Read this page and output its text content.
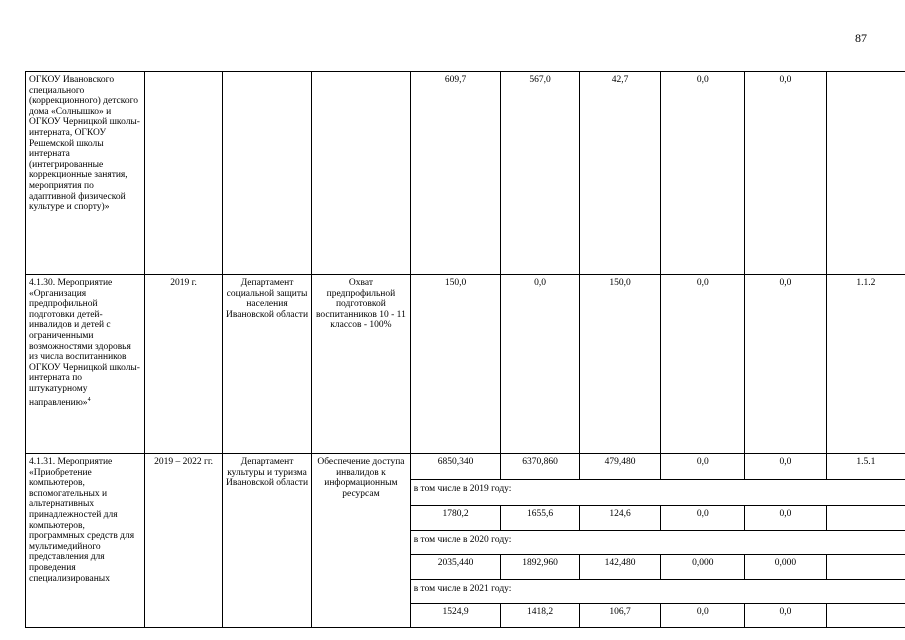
87
ОГКОУ Ивановского специального (коррекционного) детского дома «Солнышко» и ОГКОУ Черницкой школы-интерната, ОГКОУ Решемской школы интерната (интегрированные коррекционные занятия, мероприятия по адаптивной физической культуре и спорту)»				609,7	567,0	42,7	0,0	0,0	
4.1.30. Мероприятие «Организация предпрофильной подготовки детей-инвалидов и детей с ограниченными возможностями здоровья из числа воспитанников ОГКОУ Черницкой школы-интерната по штукатурному направлению»$^4$	2019 г.	Департамент социальной защиты населения Ивановской области	Охват предпрофильной подготовкой воспитанников 10 - 11 классов - 100%	150,0	0,0	150,0	0,0	0,0	1.1.2
4.1.31. Мероприятие «Приобретение компьютеров, вспомогательных и альтернативных принадлежностей для компьютеров, программных средств для мультимедийного представления для проведения специализированых	2019 – 2022 гг.	Департамент культуры и туризма Ивановской области	Обеспечение доступа инвалидов к информационным ресурсам	6850,340	6370,860	479,480	0,0	0,0	1.5.1
				в том числе в 2019 году:					
				1780,2	1655,6	124,6	0,0	0,0	
				в том числе в 2020 году:					
				2035,440	1892,960	142,480	0,000	0,000	
				в том числе в 2021 году:					
				1524,9	1418,2	106,7	0,0	0,0	
